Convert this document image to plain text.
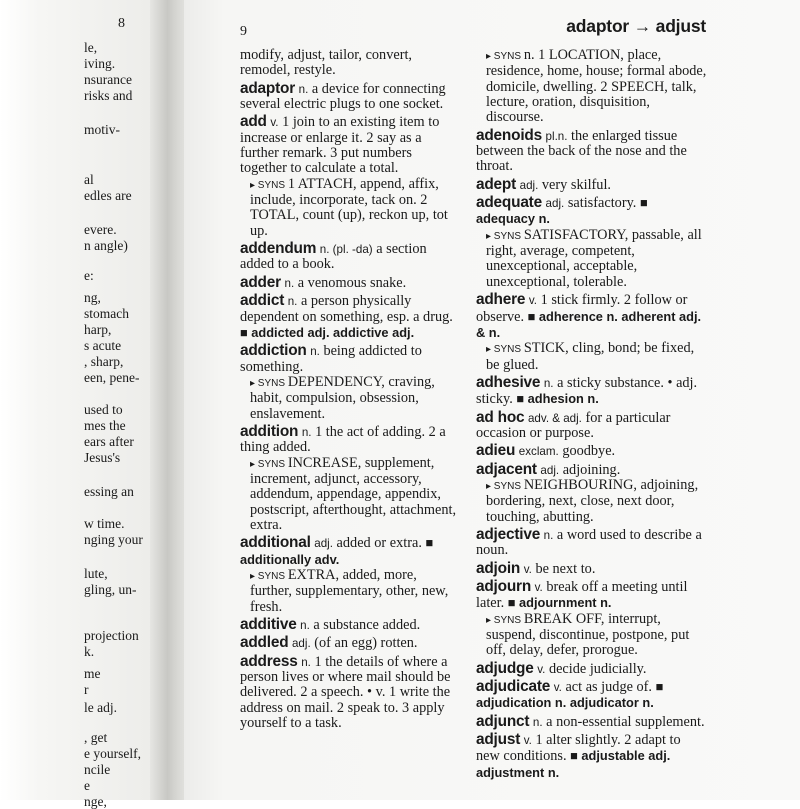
8
le,
iving.
nsurance
risks and
motiv-
al
edles are
evere.
n angle)
e:
ng,
stomach
harp,
s acute
, sharp,
een, pene-
used to
mes the
ears after
Jesus's
essing an
w time.
nging your
lute,
gling, un-
projection
k.
me
r
le adj.
, get
e yourself,
ncile
e
nge,
9	adaptor → adjust
modify, adjust, tailor, convert, remodel, restyle.
adaptor n. a device for connecting several electric plugs to one socket.
add v. 1 join to an existing item to increase or enlarge it. 2 say as a further remark. 3 put numbers together to calculate a total.
▸ SYNS 1 ATTACH, append, affix, include, incorporate, tack on. 2 TOTAL, count (up), reckon up, tot up.
addendum n. (pl. -da) a section added to a book.
adder n. a venomous snake.
addict n. a person physically dependent on something, esp. a drug. ■ addicted adj. addictive adj.
addiction n. being addicted to something.
▸ SYNS DEPENDENCY, craving, habit, compulsion, obsession, enslavement.
addition n. 1 the act of adding. 2 a thing added.
▸ SYNS INCREASE, supplement, increment, adjunct, accessory, addendum, appendage, appendix, postscript, afterthought, attachment, extra.
additional adj. added or extra. ■ additionally adv.
▸ SYNS EXTRA, added, more, further, supplementary, other, new, fresh.
additive n. a substance added.
addled adj. (of an egg) rotten.
address n. 1 the details of where a person lives or where mail should be delivered. 2 a speech. • v. 1 write the address on mail. 2 speak to. 3 apply yourself to a task.
▸ SYNS n. 1 LOCATION, place, residence, home, house; formal abode, domicile, dwelling. 2 SPEECH, talk, lecture, oration, disquisition, discourse.
adenoids pl.n. the enlarged tissue between the back of the nose and the throat.
adept adj. very skilful.
adequate adj. satisfactory. ■ adequacy n.
▸ SYNS SATISFACTORY, passable, all right, average, competent, unexceptional, acceptable, unexceptional, tolerable.
adhere v. 1 stick firmly. 2 follow or observe. ■ adherence n. adherent adj. & n.
▸ SYNS STICK, cling, bond; be fixed, be glued.
adhesive n. a sticky substance. • adj. sticky. ■ adhesion n.
ad hoc adv. & adj. for a particular occasion or purpose.
adieu exclam. goodbye.
adjacent adj. adjoining.
▸ SYNS NEIGHBOURING, adjoining, bordering, next, close, next door, touching, abutting.
adjective n. a word used to describe a noun.
adjoin v. be next to.
adjourn v. break off a meeting until later. ■ adjournment n.
▸ SYNS BREAK OFF, interrupt, suspend, discontinue, postpone, put off, delay, defer, prorogue.
adjudge v. decide judicially.
adjudicate v. act as judge of. ■ adjudication n. adjudicator n.
adjunct n. a non-essential supplement.
adjust v. 1 alter slightly. 2 adapt to new conditions. ■ adjustable adj. adjustment n.
